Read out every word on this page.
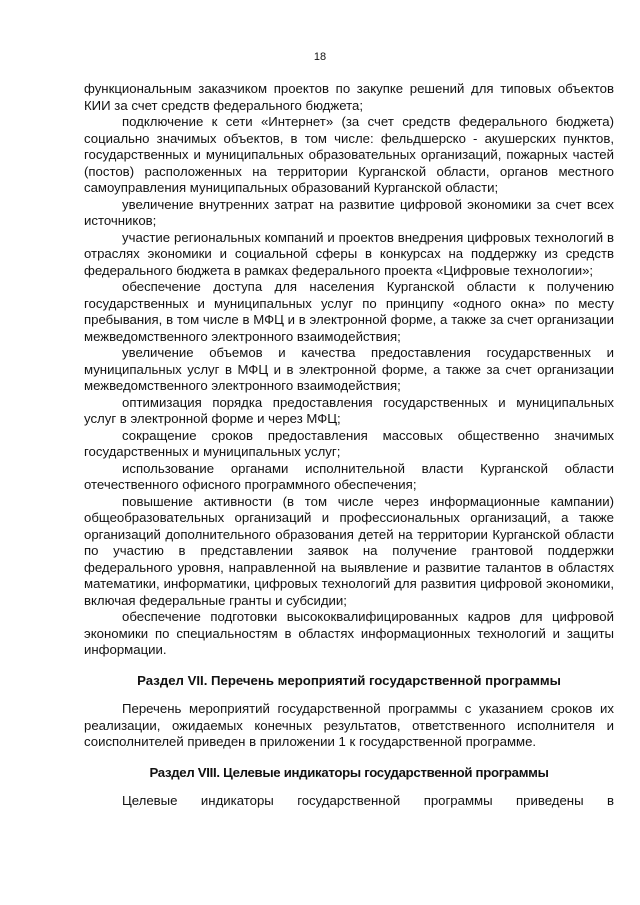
18

функциональным заказчиком проектов по закупке решений для типовых объектов КИИ за счет средств федерального бюджета;

подключение к сети «Интернет» (за счет средств федерального бюджета) социально значимых объектов, в том числе: фельдшерско - акушерских пунктов, государственных и муниципальных образовательных организаций, пожарных частей (постов) расположенных на территории Курганской области, органов местного самоуправления муниципальных образований Курганской области;

увеличение внутренних затрат на развитие цифровой экономики за счет всех источников;

участие региональных компаний и проектов внедрения цифровых технологий в отраслях экономики и социальной сферы в конкурсах на поддержку из средств федерального бюджета в рамках федерального проекта «Цифровые технологии»;

обеспечение доступа для населения Курганской области к получению государственных и муниципальных услуг по принципу «одного окна» по месту пребывания, в том числе в МФЦ и в электронной форме, а также за счет организации межведомственного электронного взаимодействия;

увеличение объемов и качества предоставления государственных и муниципальных услуг в МФЦ и в электронной форме, а также за счет организации межведомственного электронного взаимодействия;

оптимизация порядка предоставления государственных и муниципальных услуг в электронной форме и через МФЦ;

сокращение сроков предоставления массовых общественно значимых государственных и муниципальных услуг;

использование органами исполнительной власти Курганской области отечественного офисного программного обеспечения;

повышение активности (в том числе через информационные кампании) общеобразовательных организаций и профессиональных организаций, а также организаций дополнительного образования детей на территории Курганской области по участию в представлении заявок на получение грантовой поддержки федерального уровня, направленной на выявление и развитие талантов в областях математики, информатики, цифровых технологий для развития цифровой экономики, включая федеральные гранты и субсидии;

обеспечение подготовки высококвалифицированных кадров для цифровой экономики по специальностям в областях информационных технологий и защиты информации.

Раздел VII. Перечень мероприятий государственной программы

Перечень мероприятий государственной программы с указанием сроков их реализации, ожидаемых конечных результатов, ответственного исполнителя и соисполнителей приведен в приложении 1 к государственной программе.

Раздел VIII. Целевые индикаторы государственной программы
Целевые индикаторы государственной программы приведены в
